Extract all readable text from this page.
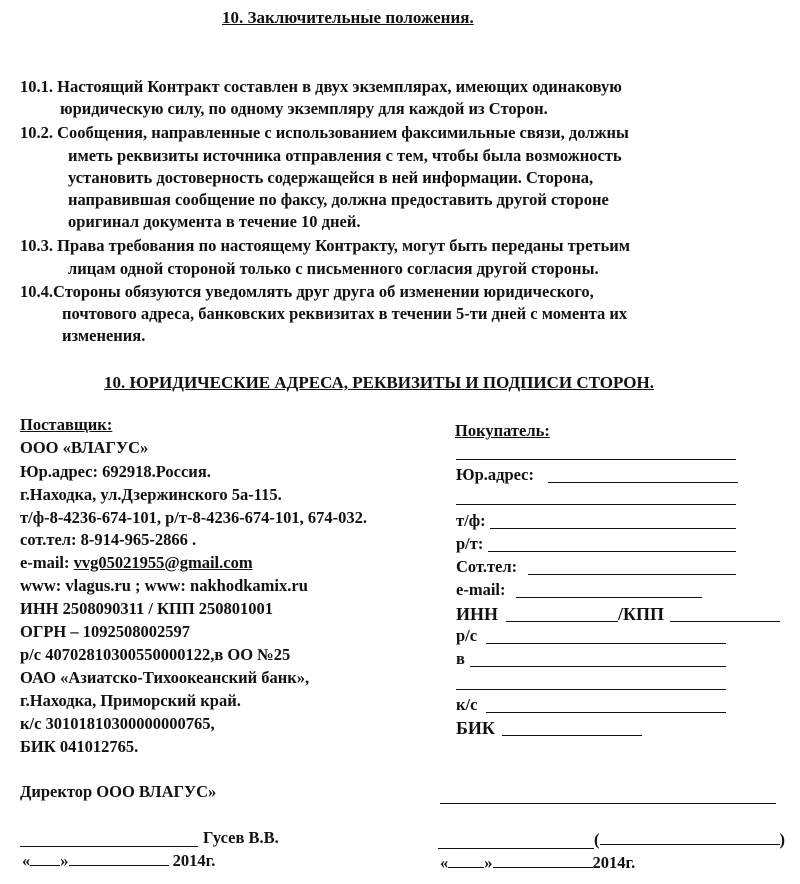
10. Заключительные положения.
10.1. Настоящий Контракт составлен в двух экземплярах, имеющих одинаковую
юридическую силу, по одному экземпляру для каждой из Сторон.
10.2. Сообщения, направленные с использованием факсимильные связи, должны
иметь реквизиты источника отправления с тем, чтобы была возможность
установить достоверность содержащейся в ней информации. Сторона,
направившая сообщение по факсу, должна предоставить другой стороне
оригинал документа в течение 10 дней.
10.3. Права требования по настоящему Контракту, могут быть переданы третьим
лицам одной стороной только с письменного согласия другой стороны.
10.4.Стороны обязуются уведомлять друг друга об изменении юридического,
почтового адреса, банковских реквизитах в течении 5-ти дней с момента их
изменения.
10. ЮРИДИЧЕСКИЕ АДРЕСА, РЕКВИЗИТЫ И ПОДПИСИ СТОРОН.
Поставщик:
ООО «ВЛАГУС»
Юр.адрес: 692918.Россия.
г.Находка, ул.Дзержинского 5а-115.
т/ф-8-4236-674-101, р/т-8-4236-674-101, 674-032.
сот.тел: 8-914-965-2866 .
e-mail: vvg05021955@gmail.com
www: vlagus.ru ; www: nakhodkamix.ru
ИНН 2508090311 / КПП 250801001
ОГРН – 1092508002597
р/с 40702810300550000122,в ОО №25
ОАО «Азиатско-Тихоокеанский банк»,
г.Находка, Приморский край.
к/с 30101810300000000765,
БИК 041012765.
Директор ООО ВЛАГУС»
Гусев В.В.
« »	2014г.
Покупатель:
Юр.адрес:
т/ф:
р/т:
Сот.тел:
e-mail:
ИНН	/КПП
р/с
в
к/с
БИК
(	)
« »	2014г.
